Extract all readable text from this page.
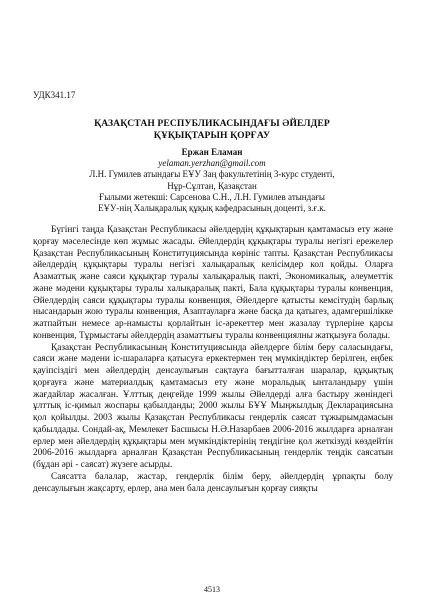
УДК341.17
ҚАЗАҚСТАН РЕСПУБЛИКАСЫНДАҒЫ ӘЙЕЛДЕР
ҚҰҚЫҚТАРЫН ҚОРҒАУ
Ержан Еламан
yelaman.yerzhan@gmail.com
Л.Н. Гумилев атындағы ЕҰУ Заң факультетінің 3-курс студенті,
Нұр-Сұлтан, Қазақстан
Ғылыми жетекші: Сарсенова С.Н., Л.Н. Гумилев атындағы
ЕҰУ-нің Халықаралық құқық кафедрасының доценті, з.ғ.к.

Бүгінгі таңда Қазақстан Республикасы әйелдердің құқықтарын қамтамасыз ету және қорғау мәселесінде көп жұмыс жасады. Әйелдердің құқықтары туралы негізгі ережелер Қазақстан Республикасының Конституциясында көрініс тапты. Қазақстан Республикасы әйелдердің құқықтары туралы негізгі халықаралық келісімдер кол қойды. Оларға Азаматтық және саяси құқықтар туралы халықаралық пакті, Экономикалық, әлеуметтік және мәдени құқықтары туралы халықаралық пакті, Бала құқықтары туралы конвенция, Әйелдердің саяси құқықтары туралы конвенция, Әйелдерге қатысты кемсітудің барлық нысандарын жою туралы конвенция, Азаптауларға және басқа да қатыгез, адамгершілікке жатпайтын немесе ар-намысты қорлайтын іс-әрекеттер мен жазалау түрлеріне қарсы конвенция, Тұрмыстағы әйелдердің азаматтығы туралы конвенциялны жатқызуға болады.

Қазақстан Республикасының Конституциясында әйелдерге білім беру саласындағы, саяси және мәдени іс-шараларға қатысуға еркектермен тең мүмкіндіктер берілген, еңбек қауіпсіздігі мен әйелдердің денсаулығын сақтауға бағытталған шаралар, құқықтық қорғауға және материалдық қамтамасыз ету және моральдық ынталандыру үшін жағдайлар жасалған. Ұлттық деңгейде 1999 жылы Әйелдерді алға бастыру жөніндегі ұлттық іс-қимыл жоспары қабылданды; 2000 жылы БҰҰ Мыңжылдық Декларациясына қол қойылды. 2003 жылы Қазақстан Республикасы гендерлік саясат тұжырымдамасын қабылдады. Сондай-ақ, Мемлекет Басшысы Н.Ә.Назарбаев 2006-2016 жылдарға арналған ерлер мен әйелдердің құқықтары мен мүмкіндіктерінің теңдігіне қол жеткізуді көздейтін 2006-2016 жылдарға арналған Қазақстан Республикасының гендерлік теңдік саясатын (бұдан әрі - саясат) жүзеге асырды.

Саясатта балалар, жастар, гендерлік білім беру, әйелдердің ұрпақты болу денсаулығын жақсарту, ерлер, ана мен бала денсаулығын қорғау сияқты

4513
